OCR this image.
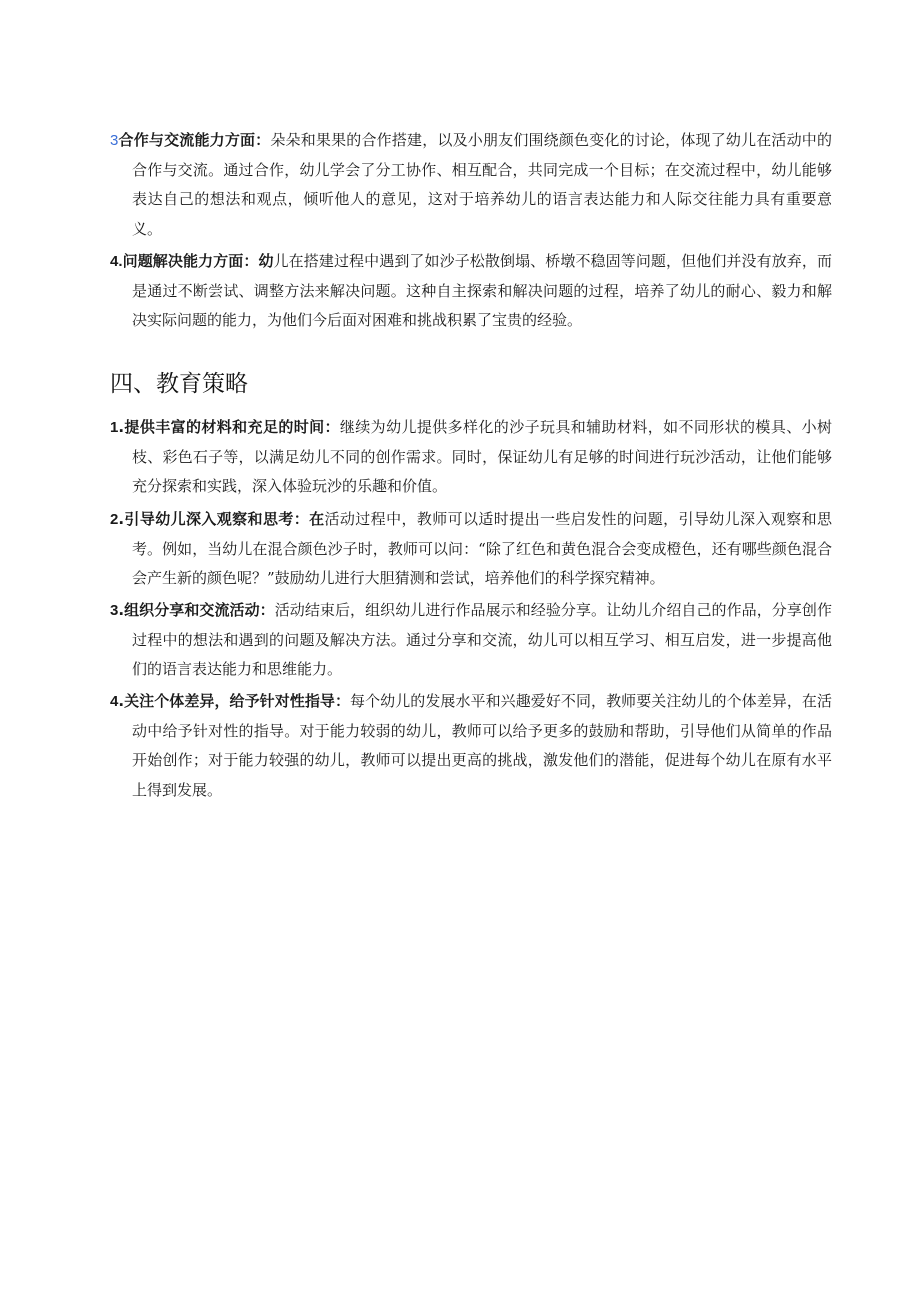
3合作与交流能力方面：朵朵和果果的合作搭建，以及小朋友们围绕颜色变化的讨论，体现了幼儿在活动中的合作与交流。通过合作，幼儿学会了分工协作、相互配合，共同完成一个目标；在交流过程中，幼儿能够表达自己的想法和观点，倾听他人的意见，这对于培养幼儿的语言表达能力和人际交往能力具有重要意义。

4.问题解决能力方面：幼儿在搭建过程中遇到了如沙子松散倒塌、桥墩不稳固等问题，但他们并没有放弃，而是通过不断尝试、调整方法来解决问题。这种自主探索和解决问题的过程，培养了幼儿的耐心、毅力和解决实际问题的能力，为他们今后面对困难和挑战积累了宝贵的经验。

四、教育策略

1.提供丰富的材料和充足的时间：继续为幼儿提供多样化的沙子玩具和辅助材料，如不同形状的模具、小树枝、彩色石子等，以满足幼儿不同的创作需求。同时，保证幼儿有足够的时间进行玩沙活动，让他们能够充分探索和实践，深入体验玩沙的乐趣和价值。

2.引导幼儿深入观察和思考：在活动过程中，教师可以适时提出一些启发性的问题，引导幼儿深入观察和思考。例如，当幼儿在混合颜色沙子时，教师可以问：“除了红色和黄色混合会变成橙色，还有哪些颜色混合会产生新的颜色呢？”鼓励幼儿进行大胆猜测和尝试，培养他们的科学探究精神。

3.组织分享和交流活动：活动结束后，组织幼儿进行作品展示和经验分享。让幼儿介绍自己的作品，分享创作过程中的想法和遇到的问题及解决方法。通过分享和交流，幼儿可以相互学习、相互启发，进一步提高他们的语言表达能力和思维能力。

4.关注个体差异，给予针对性指导：每个幼儿的发展水平和兴趣爱好不同，教师要关注幼儿的个体差异，在活动中给予针对性的指导。对于能力较弱的幼儿，教师可以给予更多的鼓励和帮助，引导他们从简单的作品开始创作；对于能力较强的幼儿，教师可以提出更高的挑战，激发他们的潜能，促进每个幼儿在原有水平上得到发展。
